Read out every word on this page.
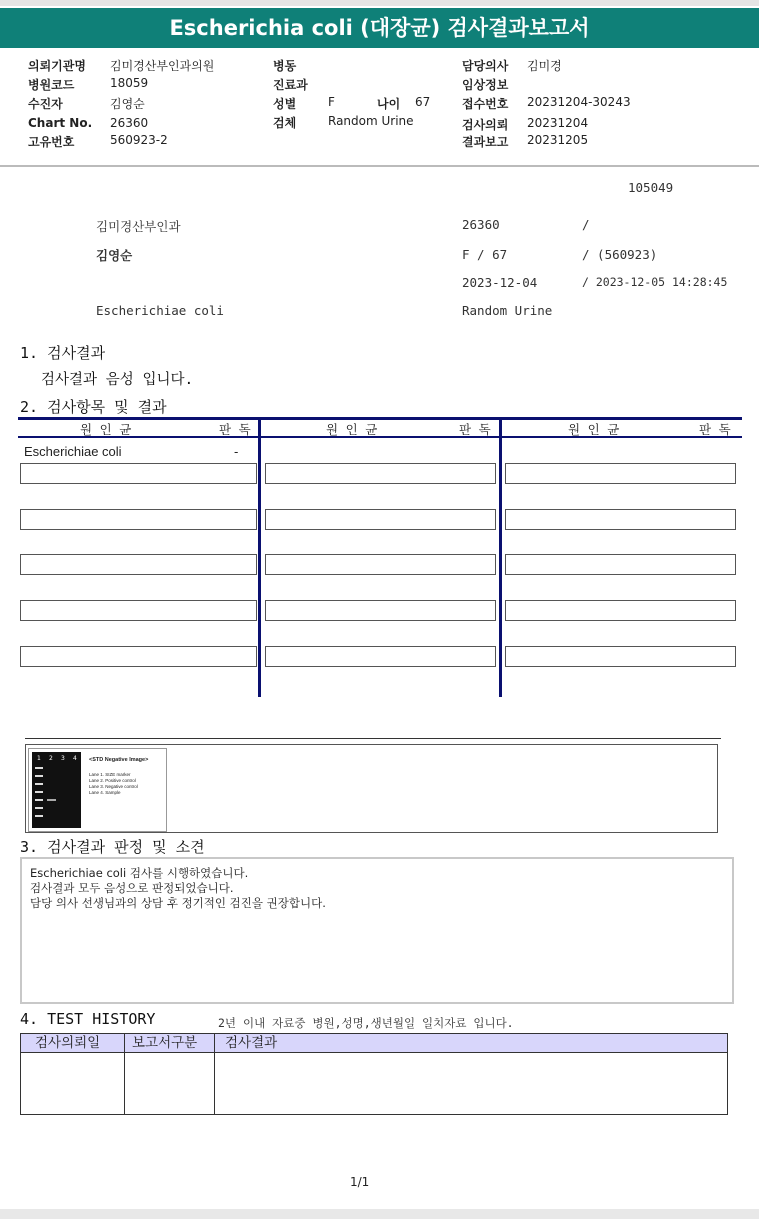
Escherichia coli (대장균) 검사결과보고서
의뢰기관명 김미경산부인과의원
병원코드	18059
수진자	김영순
Chart No. 26360
고유번호	560923-2
병동
진료과
성별	F	나이 67
검체	Random Urine
담당의사 김미경
임상정보
접수번호 20231204-30243
검사의뢰 20231204
결과보고 20231205
105049
김미경산부인과	26360	/
김영순	F / 67	/ (560923)
2023-12-04	/ 2023-12-05 14:28:45
Escherichiae coli	Random Urine
1. 검사결과
검사결과 음성 입니다.
2. 검사항목 및 결과
원 인 균	판 독	원 인 균	판 독	원 인 균	판 독
Escherichiae coli	-
1 2 3 4 <STD Negative Image>
Lane 1. SIZE marker
Lane 2. Positive control
Lane 3. Negative control
Lane 4. Sample
3. 검사결과 판정 및 소견
Escherichiae coli 검사를 시행하였습니다.
검사결과 모두 음성으로 판정되었습니다.
담당 의사 선생님과의 상담 후 정기적인 검진을 권장합니다.
4. TEST HISTORY	2년 이내 자료중 병원,성명,생년월일 일치자료 입니다.
검사의뢰일	보고서구분	검사결과
1/1
